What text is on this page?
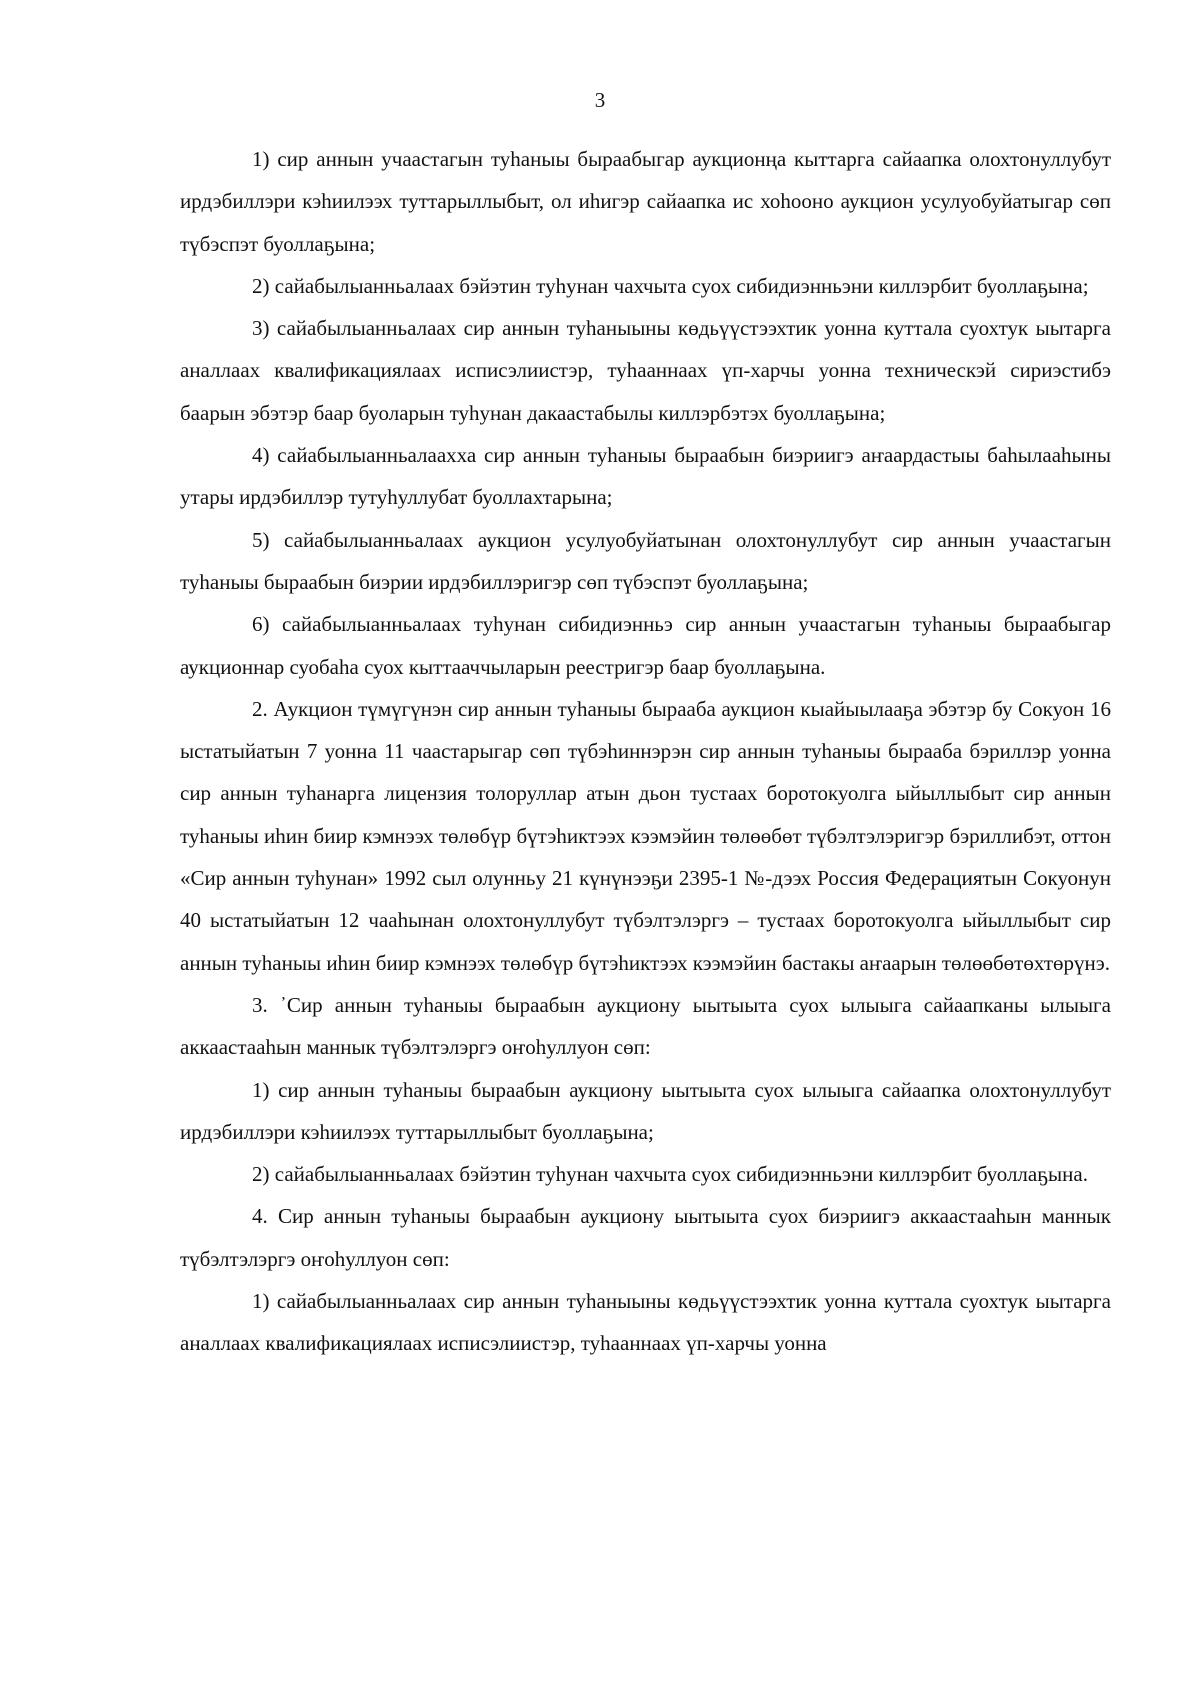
3

1) сир аннын учаастагын туһаныы быраабыгар аукционңа кыттарга сайаапка олохтонуллубут ирдэбиллэри кэһиилээх туттарыллыбыт, ол иһигэр сайаапка ис хоһооно аукцион усулуобуйатыгар сөп түбэспэт буоллаҕына;

2) сайабылыанньалаах бэйэтин туһунан чахчыта суох сибидиэнньэни киллэрбит буоллаҕына;

3) сайабылыанньалаах сир аннын туһаныыны көдьүүстээхтик уонна куттала суохтук ыытарга аналлаах квалификациялаах исписэлиистэр, туһааннаах үп-харчы уонна техническэй сириэстибэ баарын эбэтэр баар буоларын туһунан дакаастабылы киллэрбэтэх буоллаҕына;

4) сайабылыанньалаахха сир аннын туһаныы быраабын биэриигэ аҥаардастыы баһылааһыны утары ирдэбиллэр тутуһуллубат буоллахтарына;

5) сайабылыанньалаах аукцион усулуобуйатынан олохтонуллубут сир аннын учаастагын туһаныы быраабын биэрии ирдэбиллэригэр сөп түбэспэт буоллаҕына;

6) сайабылыанньалаах туһунан сибидиэнньэ сир аннын учаастагын туһаныы быраабыгар аукционнар суобаһа суох кыттааччыларын реестригэр баар буоллаҕына.

2. Аукцион түмүгүнэн сир аннын туһаныы бырааба аукцион кыайыылааҕа эбэтэр бу Сокуон 16 ыстатыйатын 7 уонна 11 чаастарыгар сөп түбэһиннэрэн сир аннын туһаныы бырааба бэриллэр уонна сир аннын туһанарга лицензия толоруллар атын дьон тустаах боротокуолга ыйыллыбыт сир аннын туһаныы иһин биир кэмнээх төлөбүр бүтэһиктээх кээмэйин төлөөбөт түбэлтэлэригэр бэриллибэт, оттон «Сир аннын туһунан» 1992 сыл олунньу 21 күнүнээҕи 2395-1 №-дээх Россия Федерациятын Сокуонун 40 ыстатыйатын 12 чааһынан олохтонуллубут түбэлтэлэргэ – тустаах боротокуолга ыйыллыбыт сир аннын туһаныы иһин биир кэмнээх төлөбүр бүтэһиктээх кээмэйин бастакы аҥаарын төлөөбөтөхтөрүнэ.

3. ᾿Сир аннын туһаныы быраабын аукциону ыытыыта суох ылыыга сайаапканы ылыыга аккаастааһын маннык түбэлтэлэргэ оҥоһуллуон сөп:

1) сир аннын туһаныы быраабын аукциону ыытыыта суох ылыыга сайаапка олохтонуллубут ирдэбиллэри кэһиилээх туттарыллыбыт буоллаҕына;

2) сайабылыанньалаах бэйэтин туһунан чахчыта суох сибидиэнньэни киллэрбит буоллаҕына.

4. Сир аннын туһаныы быраабын аукциону ыытыыта суох биэриигэ аккаастааһын маннык түбэлтэлэргэ оҥоһуллуон сөп:

1) сайабылыанньалаах сир аннын туһаныыны көдьүүстээхтик уонна куттала суохтук ыытарга аналлаах квалификациялаах исписэлиистэр, туһааннаах үп-харчы уонна
